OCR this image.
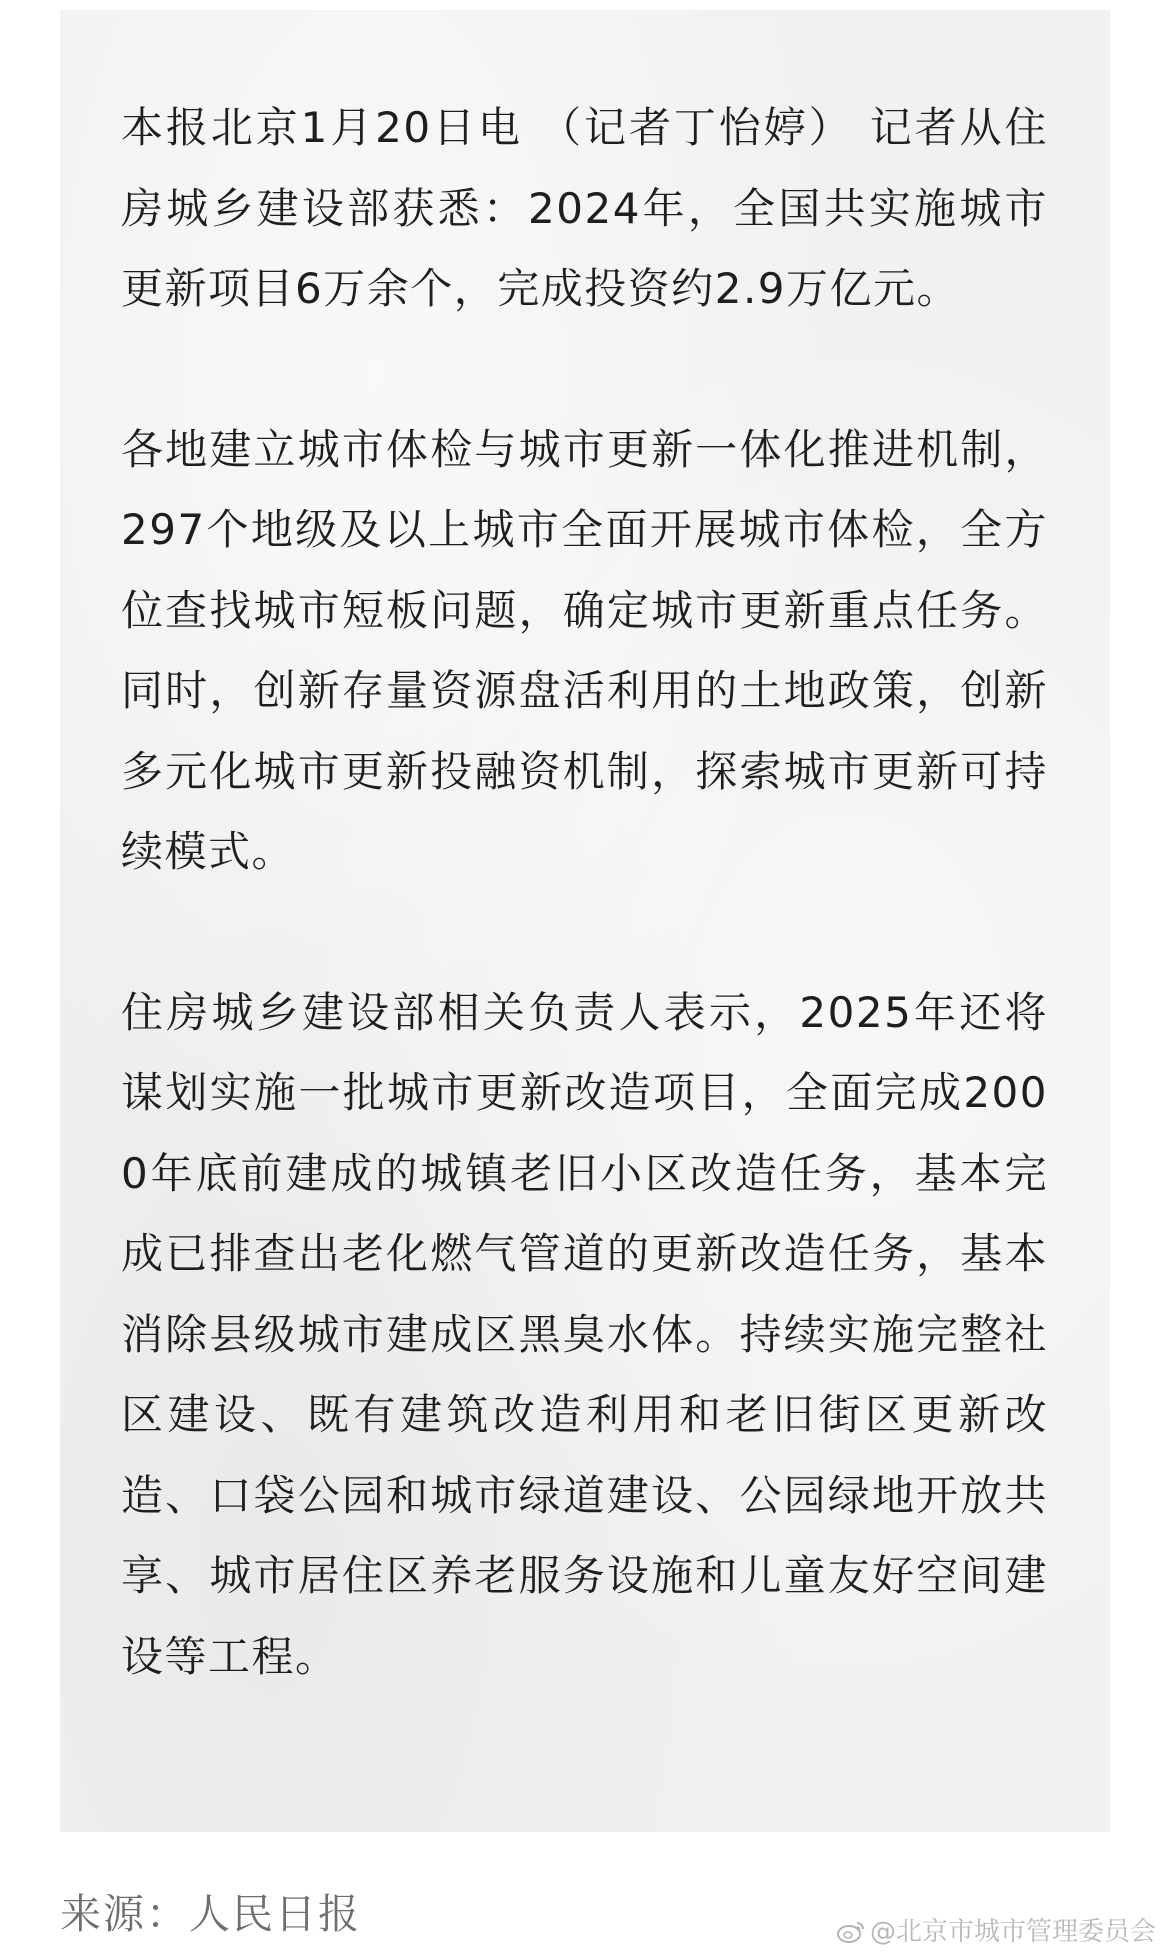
本报北京1月20日电 （记者丁怡婷） 记者从住房城乡建设部获悉：2024年，全国共实施城市更新项目6万余个，完成投资约2.9万亿元。

各地建立城市体检与城市更新一体化推进机制，297个地级及以上城市全面开展城市体检，全方位查找城市短板问题，确定城市更新重点任务。同时，创新存量资源盘活利用的土地政策，创新多元化城市更新投融资机制，探索城市更新可持续模式。

住房城乡建设部相关负责人表示，2025年还将谋划实施一批城市更新改造项目，全面完成2000年底前建成的城镇老旧小区改造任务，基本完成已排查出老化燃气管道的更新改造任务，基本消除县级城市建成区黑臭水体。持续实施完整社区建设、既有建筑改造利用和老旧街区更新改造、口袋公园和城市绿道建设、公园绿地开放共享、城市居住区养老服务设施和儿童友好空间建设等工程。

来源：人民日报	@北京市城市管理委员会
